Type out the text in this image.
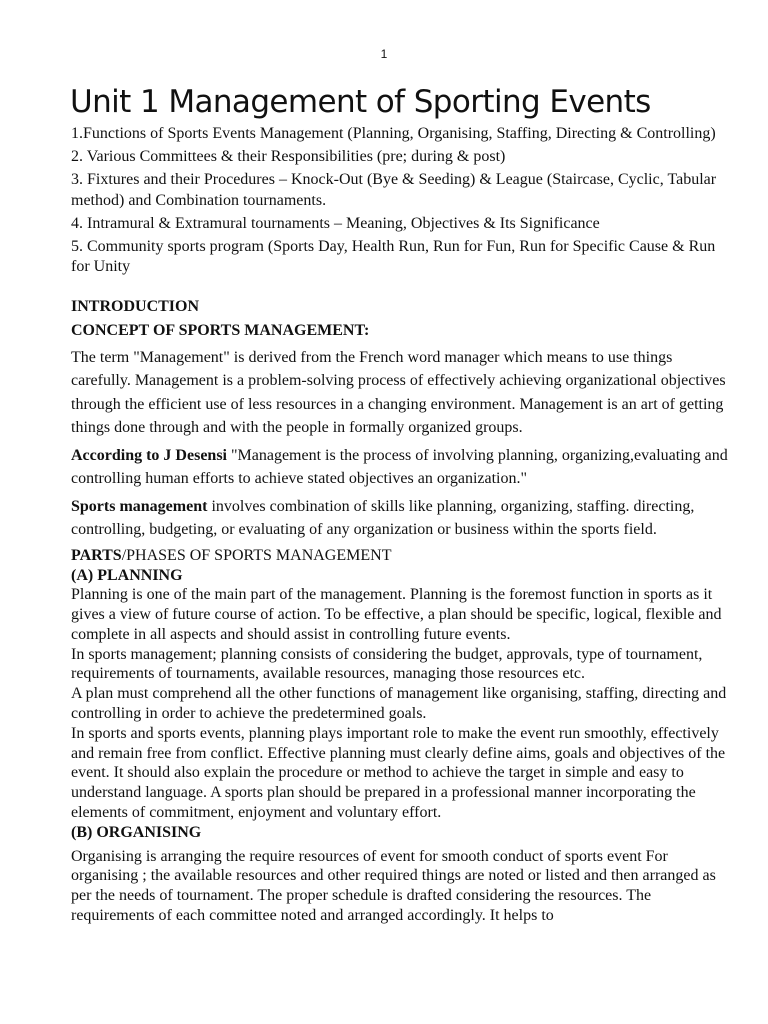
1
Unit 1 Management of Sporting Events

1.Functions of Sports Events Management (Planning, Organising, Staffing, Directing & Controlling)

2. Various Committees & their Responsibilities (pre; during & post)

3. Fixtures and their Procedures – Knock-Out (Bye & Seeding) & League (Staircase, Cyclic, Tabular method) and Combination tournaments.

4. Intramural & Extramural tournaments – Meaning, Objectives & Its Significance

5. Community sports program (Sports Day, Health Run, Run for Fun, Run for Specific Cause & Run for Unity

INTRODUCTION

CONCEPT OF SPORTS MANAGEMENT:

The term "Management" is derived from the French word manager which means to use things carefully. Management is a problem-solving process of effectively achieving organizational objectives through the efficient use of less resources in a changing environment. Management is an art of getting things done through and with the people in formally organized groups.

According to J Desensi "Management is the process of involving planning, organizing,evaluating and controlling human efforts to achieve stated objectives an organization."

Sports management involves combination of skills like planning, organizing, staffing. directing, controlling, budgeting, or evaluating of any organization or business within the sports field.

PARTS/PHASES OF SPORTS MANAGEMENT

(A) PLANNING

Planning is one of the main part of the management. Planning is the foremost function in sports as it gives a view of future course of action. To be effective, a plan should be specific, logical, flexible and complete in all aspects and should assist in controlling future events.

In sports management; planning consists of considering the budget, approvals, type of tournament, requirements of tournaments, available resources, managing those resources etc.

A plan must comprehend all the other functions of management like organising, staffing, directing and controlling in order to achieve the predetermined goals.

In sports and sports events, planning plays important role to make the event run smoothly, effectively and remain free from conflict. Effective planning must clearly define aims, goals and objectives of the event. It should also explain the procedure or method to achieve the target in simple and easy to understand language. A sports plan should be prepared in a professional manner incorporating the elements of commitment, enjoyment and voluntary effort.

(B) ORGANISING

Organising is arranging the require resources of event for smooth conduct of sports event For organising ; the available resources and other required things are noted or listed and then arranged as per the needs of tournament. The proper schedule is drafted considering the resources. The requirements of each committee noted and arranged accordingly. It helps to
